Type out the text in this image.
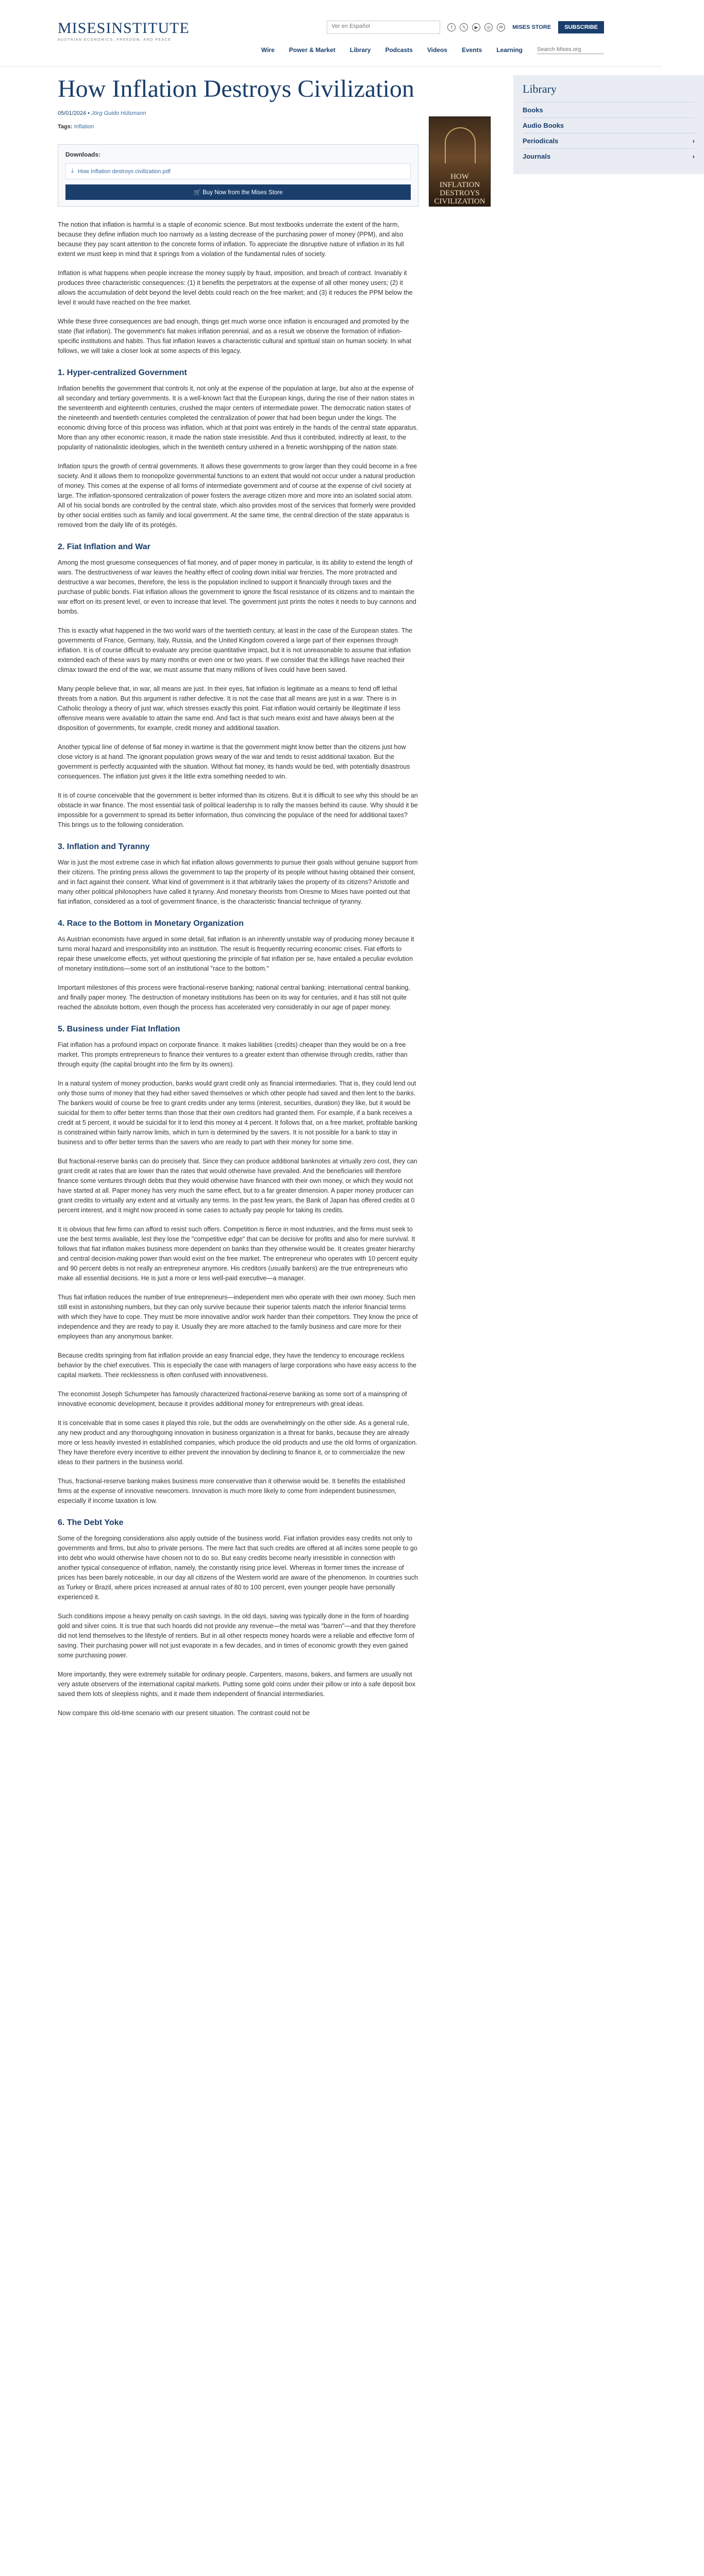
MISESINSTITUTE
AUSTRIAN ECONOMICS, FREEDOM, AND PEACE
Ver en Español	f	𝕏	▶	◎	✉	MISES STORE	SUBSCRIBE
Wire Power & Market Library Podcasts Videos Events Learning
Search Mises.org
How Inflation Destroys Civilization
05/01/2024 • Jörg Guido Hülsmann
Tags: Inflation
Downloads:
⤓ How Inflation destroys civilization.pdf
🛒 Buy Now from the Mises Store

The notion that inflation is harmful is a staple of economic science. But most textbooks underrate the extent of the harm, because they define inflation much too narrowly as a lasting decrease of the purchasing power of money (PPM), and also because they pay scant attention to the concrete forms of inflation. To appreciate the disruptive nature of inflation in its full extent we must keep in mind that it springs from a violation of the fundamental rules of society.

Inflation is what happens when people increase the money supply by fraud, imposition, and breach of contract. Invariably it produces three characteristic consequences: (1) it benefits the perpetrators at the expense of all other money users; (2) it allows the accumulation of debt beyond the level debts could reach on the free market; and (3) it reduces the PPM below the level it would have reached on the free market.

While these three consequences are bad enough, things get much worse once inflation is encouraged and promoted by the state (fiat inflation). The government's fiat makes inflation perennial, and as a result we observe the formation of inflation-specific institutions and habits. Thus fiat inflation leaves a characteristic cultural and spiritual stain on human society. In what follows, we will take a closer look at some aspects of this legacy.

1. Hyper-centralized Government

Inflation benefits the government that controls it, not only at the expense of the population at large, but also at the expense of all secondary and tertiary governments. It is a well-known fact that the European kings, during the rise of their nation states in the seventeenth and eighteenth centuries, crushed the major centers of intermediate power. The democratic nation states of the nineteenth and twentieth centuries completed the centralization of power that had been begun under the kings. The economic driving force of this process was inflation, which at that point was entirely in the hands of the central state apparatus. More than any other economic reason, it made the nation state irresistible. And thus it contributed, indirectly at least, to the popularity of nationalistic ideologies, which in the twentieth century ushered in a frenetic worshipping of the nation state.

Inflation spurs the growth of central governments. It allows these governments to grow larger than they could become in a free society. And it allows them to monopolize governmental functions to an extent that would not occur under a natural production of money. This comes at the expense of all forms of intermediate government and of course at the expense of civil society at large. The inflation-sponsored centralization of power fosters the average citizen more and more into an isolated social atom. All of his social bonds are controlled by the central state, which also provides most of the services that formerly were provided by other social entities such as family and local government. At the same time, the central direction of the state apparatus is removed from the daily life of its protégés.

2. Fiat Inflation and War

Among the most gruesome consequences of fiat money, and of paper money in particular, is its ability to extend the length of wars. The destructiveness of war leaves the healthy effect of cooling down initial war frenzies. The more protracted and destructive a war becomes, therefore, the less is the population inclined to support it financially through taxes and the purchase of public bonds. Fiat inflation allows the government to ignore the fiscal resistance of its citizens and to maintain the war effort on its present level, or even to increase that level. The government just prints the notes it needs to buy cannons and bombs.

This is exactly what happened in the two world wars of the twentieth century, at least in the case of the European states. The governments of France, Germany, Italy, Russia, and the United Kingdom covered a large part of their expenses through inflation. It is of course difficult to evaluate any precise quantitative impact, but it is not unreasonable to assume that inflation extended each of these wars by many months or even one or two years. If we consider that the killings have reached their climax toward the end of the war, we must assume that many millions of lives could have been saved.

Many people believe that, in war, all means are just. In their eyes, fiat inflation is legitimate as a means to fend off lethal threats from a nation. But this argument is rather defective. It is not the case that all means are just in a war. There is in Catholic theology a theory of just war, which stresses exactly this point. Fiat inflation would certainly be illegitimate if less offensive means were available to attain the same end. And fact is that such means exist and have always been at the disposition of governments, for example, credit money and additional taxation.

Another typical line of defense of fiat money in wartime is that the government might know better than the citizens just how close victory is at hand. The ignorant population grows weary of the war and tends to resist additional taxation. But the government is perfectly acquainted with the situation. Without fiat money, its hands would be tied, with potentially disastrous consequences. The inflation just gives it the little extra something needed to win.

It is of course conceivable that the government is better informed than its citizens. But it is difficult to see why this should be an obstacle in war finance. The most essential task of political leadership is to rally the masses behind its cause. Why should it be impossible for a government to spread its better information, thus convincing the populace of the need for additional taxes? This brings us to the following consideration.

3. Inflation and Tyranny

War is just the most extreme case in which fiat inflation allows governments to pursue their goals without genuine support from their citizens. The printing press allows the government to tap the property of its people without having obtained their consent, and in fact against their consent. What kind of government is it that arbitrarily takes the property of its citizens? Aristotle and many other political philosophers have called it tyranny. And monetary theorists from Oresme to Mises have pointed out that fiat inflation, considered as a tool of government finance, is the characteristic financial technique of tyranny.

4. Race to the Bottom in Monetary Organization

As Austrian economists have argued in some detail, fiat inflation is an inherently unstable way of producing money because it turns moral hazard and irresponsibility into an institution. The result is frequently recurring economic crises. Fiat efforts to repair these unwelcome effects, yet without questioning the principle of fiat inflation per se, have entailed a peculiar evolution of monetary institutions—some sort of an institutional "race to the bottom."

Important milestones of this process were fractional-reserve banking; national central banking; international central banking, and finally paper money. The destruction of monetary institutions has been on its way for centuries, and it has still not quite reached the absolute bottom, even though the process has accelerated very considerably in our age of paper money.

5. Business under Fiat Inflation

Fiat inflation has a profound impact on corporate finance. It makes liabilities (credits) cheaper than they would be on a free market. This prompts entrepreneurs to finance their ventures to a greater extent than otherwise through credits, rather than through equity (the capital brought into the firm by its owners).

In a natural system of money production, banks would grant credit only as financial intermediaries. That is, they could lend out only those sums of money that they had either saved themselves or which other people had saved and then lent to the banks. The bankers would of course be free to grant credits under any terms (interest, securities, duration) they like, but it would be suicidal for them to offer better terms than those that their own creditors had granted them. For example, if a bank receives a credit at 5 percent, it would be suicidal for it to lend this money at 4 percent. It follows that, on a free market, profitable banking is constrained within fairly narrow limits, which in turn is determined by the savers. It is not possible for a bank to stay in business and to offer better terms than the savers who are ready to part with their money for some time.

But fractional-reserve banks can do precisely that. Since they can produce additional banknotes at virtually zero cost, they can grant credit at rates that are lower than the rates that would otherwise have prevailed. And the beneficiaries will therefore finance some ventures through debts that they would otherwise have financed with their own money, or which they would not have started at all. Paper money has very much the same effect, but to a far greater dimension. A paper money producer can grant credits to virtually any extent and at virtually any terms. In the past few years, the Bank of Japan has offered credits at 0 percent interest, and it might now proceed in some cases to actually pay people for taking its credits.

It is obvious that few firms can afford to resist such offers. Competition is fierce in most industries, and the firms must seek to use the best terms available, lest they lose the "competitive edge" that can be decisive for profits and also for mere survival. It follows that fiat inflation makes business more dependent on banks than they otherwise would be. It creates greater hierarchy and central decision-making power than would exist on the free market. The entrepreneur who operates with 10 percent equity and 90 percent debts is not really an entrepreneur anymore. His creditors (usually bankers) are the true entrepreneurs who make all essential decisions. He is just a more or less well-paid executive—a manager.

Thus fiat inflation reduces the number of true entrepreneurs—independent men who operate with their own money. Such men still exist in astonishing numbers, but they can only survive because their superior talents match the inferior financial terms with which they have to cope. They must be more innovative and/or work harder than their competitors. They know the price of independence and they are ready to pay it. Usually they are more attached to the family business and care more for their employees than any anonymous banker.

Because credits springing from fiat inflation provide an easy financial edge, they have the tendency to encourage reckless behavior by the chief executives. This is especially the case with managers of large corporations who have easy access to the capital markets. Their recklessness is often confused with innovativeness.

The economist Joseph Schumpeter has famously characterized fractional-reserve banking as some sort of a mainspring of innovative economic development, because it provides additional money for entrepreneurs with great ideas.

It is conceivable that in some cases it played this role, but the odds are overwhelmingly on the other side. As a general rule, any new product and any thoroughgoing innovation in business organization is a threat for banks, because they are already more or less heavily invested in established companies, which produce the old products and use the old forms of organization. They have therefore every incentive to either prevent the innovation by declining to finance it, or to commercialize the new ideas to their partners in the business world.

Thus, fractional-reserve banking makes business more conservative than it otherwise would be. It benefits the established firms at the expense of innovative newcomers. Innovation is much more likely to come from independent businessmen, especially if income taxation is low.

6. The Debt Yoke

Some of the foregoing considerations also apply outside of the business world. Fiat inflation provides easy credits not only to governments and firms, but also to private persons. The mere fact that such credits are offered at all incites some people to go into debt who would otherwise have chosen not to do so. But easy credits become nearly irresistible in connection with another typical consequence of inflation, namely, the constantly rising price level. Whereas in former times the increase of prices has been barely noticeable, in our day all citizens of the Western world are aware of the phenomenon. In countries such as Turkey or Brazil, where prices increased at annual rates of 80 to 100 percent, even younger people have personally experienced it.

Such conditions impose a heavy penalty on cash savings. In the old days, saving was typically done in the form of hoarding gold and silver coins. It is true that such hoards did not provide any revenue—the metal was "barren"—and that they therefore did not lend themselves to the lifestyle of rentiers. But in all other respects money hoards were a reliable and effective form of saving. Their purchasing power will not just evaporate in a few decades, and in times of economic growth they even gained some purchasing power.

More importantly, they were extremely suitable for ordinary people. Carpenters, masons, bakers, and farmers are usually not very astute observers of the international capital markets. Putting some gold coins under their pillow or into a safe deposit box saved them lots of sleepless nights, and it made them independent of financial intermediaries.

Now compare this old-time scenario with our present situation. The contrast could not be

HOW INFLATION DESTROYS CIVILIZATION
Library
Books
Audio Books
Periodicals	›
Journals	›
